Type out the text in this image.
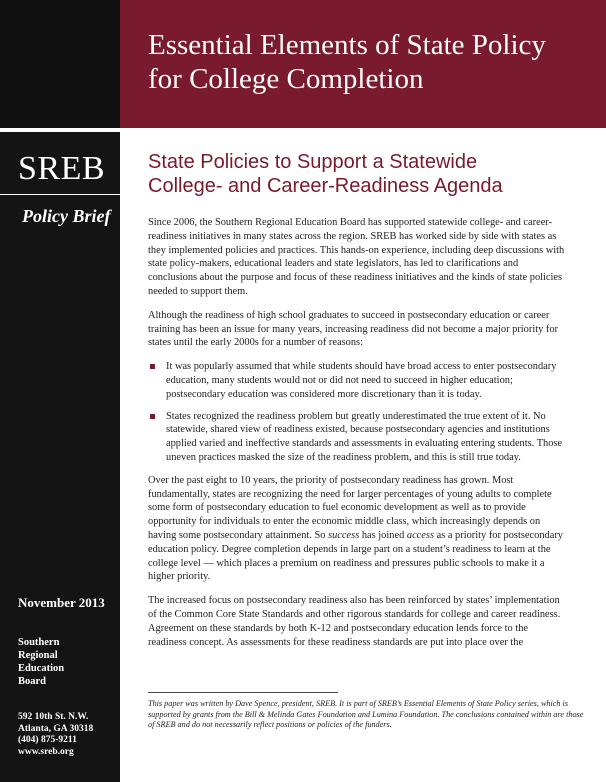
Essential Elements of State Policy
for College Completion
SREB
Policy Brief
November 2013
Southern
Regional
Education
Board
592 10th St. N.W.
Atlanta, GA 30318
(404) 875-9211
www.sreb.org
State Policies to Support a Statewide
College- and Career-Readiness Agenda

Since 2006, the Southern Regional Education Board has supported statewide college- and career-readiness initiatives in many states across the region. SREB has worked side by side with states as they implemented policies and practices. This hands-on experience, including deep discussions with state policy-makers, educational leaders and state legislators, has led to clarifications and conclusions about the purpose and focus of these readiness initiatives and the kinds of state policies needed to support them.

Although the readiness of high school graduates to succeed in postsecondary education or career training has been an issue for many years, increasing readiness did not become a major priority for states until the early 2000s for a number of reasons:

It was popularly assumed that while students should have broad access to enter postsecondary education, many students would not or did not need to succeed in higher education; postsecondary education was considered more discretionary than it is today.
States recognized the readiness problem but greatly underestimated the true extent of it. No statewide, shared view of readiness existed, because postsecondary agencies and institutions applied varied and ineffective standards and assessments in evaluating entering students. Those uneven practices masked the size of the readiness problem, and this is still true today.

Over the past eight to 10 years, the priority of postsecondary readiness has grown. Most fundamentally, states are recognizing the need for larger percentages of young adults to complete some form of postsecondary education to fuel economic development as well as to provide opportunity for individuals to enter the economic middle class, which increasingly depends on having some postsecondary attainment. So success has joined access as a priority for postsecondary education policy. Degree completion depends in large part on a student’s readiness to learn at the college level — which places a premium on readiness and pressures public schools to make it a higher priority.

The increased focus on postsecondary readiness also has been reinforced by states’ implementation of the Common Core State Standards and other rigorous standards for college and career readiness. Agreement on these standards by both K-12 and postsecondary education lends force to the readiness concept. As assessments for these readiness standards are put into place over the

This paper was written by Dave Spence, president, SREB. It is part of SREB’s Essential Elements of State Policy series, which is supported by grants from the Bill & Melinda Gates Foundation and Lumina Foundation. The conclusions contained within are those of SREB and do not necessarily reflect positions or policies of the funders.
